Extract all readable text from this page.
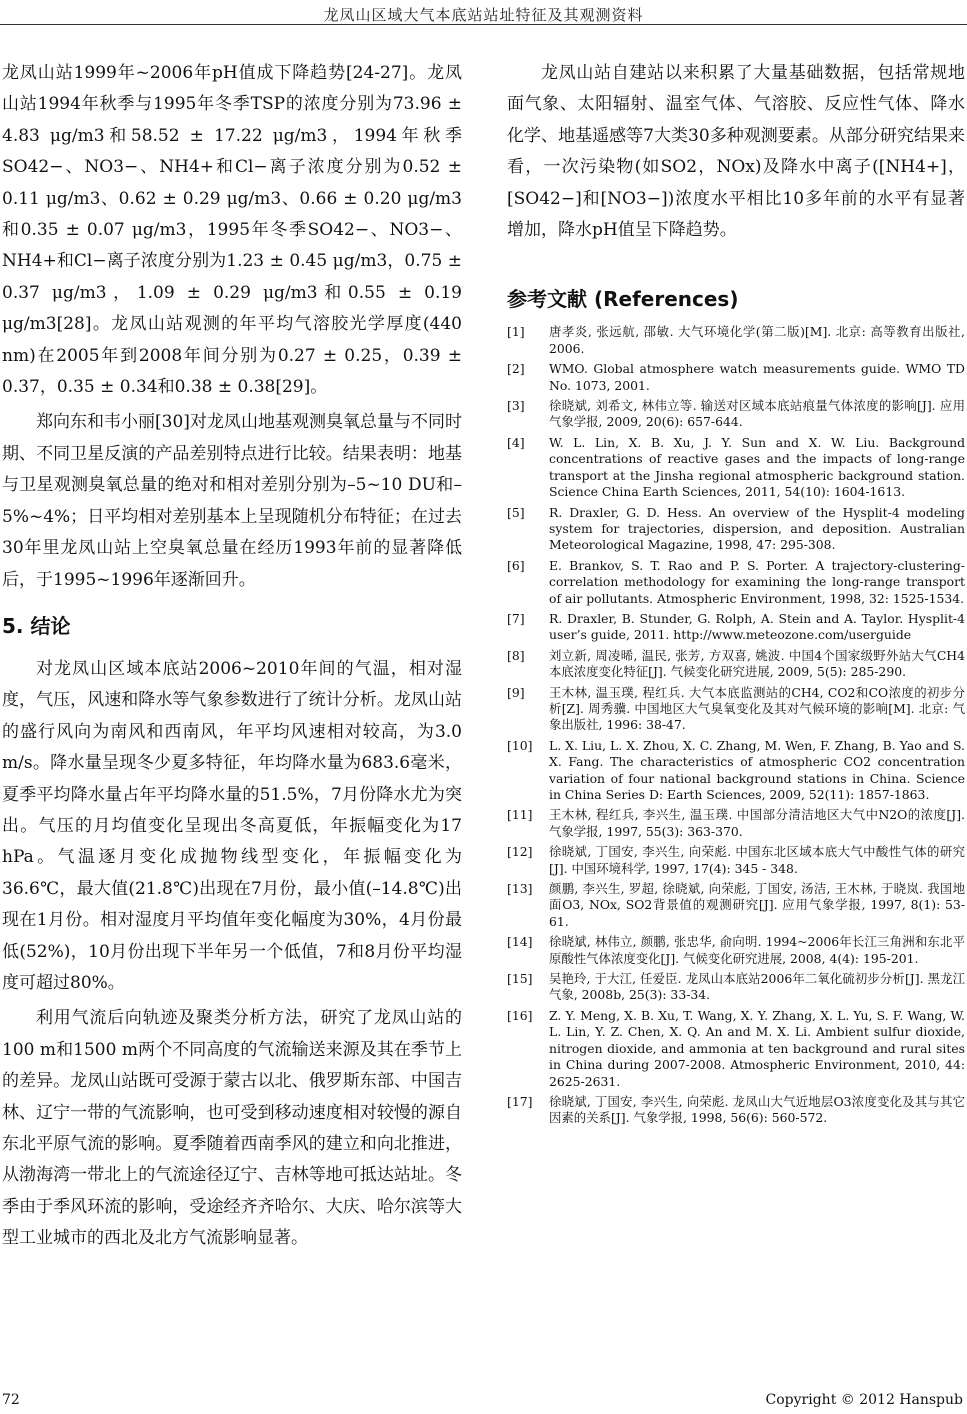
龙凤山区域大气本底站站址特征及其观测资料

龙凤山站1999年~2006年pH值成下降趋势[24-27]。龙凤山站1994年秋季与1995年冬季TSP的浓度分别为73.96 ± 4.83 μg/m3和58.52 ± 17.22 μg/m3，1994年秋季SO42−、NO3−、NH4+和Cl−离子浓度分别为0.52 ± 0.11 μg/m3、0.62 ± 0.29 μg/m3、0.66 ± 0.20 μg/m3和0.35 ± 0.07 μg/m3，1995年冬季SO42−、NO3−、NH4+和Cl−离子浓度分别为1.23 ± 0.45 μg/m3，0.75 ± 0.37 μg/m3，1.09 ± 0.29 μg/m3和0.55 ± 0.19 μg/m3[28]。龙凤山站观测的年平均气溶胶光学厚度(440 nm)在2005年到2008年间分别为0.27 ± 0.25，0.39 ± 0.37，0.35 ± 0.34和0.38 ± 0.38[29]。

郑向东和韦小丽[30]对龙凤山地基观测臭氧总量与不同时期、不同卫星反演的产品差别特点进行比较。结果表明：地基与卫星观测臭氧总量的绝对和相对差别分别为–5~10 DU和–5%~4%；日平均相对差别基本上呈现随机分布特征；在过去30年里龙凤山站上空臭氧总量在经历1993年前的显著降低后，于1995~1996年逐渐回升。

5. 结论

对龙凤山区域本底站2006~2010年间的气温，相对湿度，气压，风速和降水等气象参数进行了统计分析。龙凤山站的盛行风向为南风和西南风，年平均风速相对较高，为3.0 m/s。降水量呈现冬少夏多特征，年均降水量为683.6毫米，夏季平均降水量占年平均降水量的51.5%，7月份降水尤为突出。气压的月均值变化呈现出冬高夏低，年振幅变化为17 hPa。气温逐月变化成抛物线型变化，年振幅变化为36.6℃，最大值(21.8℃)出现在7月份，最小值(–14.8℃)出现在1月份。相对湿度月平均值年变化幅度为30%，4月份最低(52%)，10月份出现下半年另一个低值，7和8月份平均湿度可超过80%。

利用气流后向轨迹及聚类分析方法，研究了龙凤山站的100 m和1500 m两个不同高度的气流输送来源及其在季节上的差异。龙凤山站既可受源于蒙古以北、俄罗斯东部、中国吉林、辽宁一带的气流影响，也可受到移动速度相对较慢的源自东北平原气流的影响。夏季随着西南季风的建立和向北推进，从渤海湾一带北上的气流途径辽宁、吉林等地可抵达站址。冬季由于季风环流的影响，受途经齐齐哈尔、大庆、哈尔滨等大型工业城市的西北及北方气流影响显著。

龙凤山站自建站以来积累了大量基础数据，包括常规地面气象、太阳辐射、温室气体、气溶胶、反应性气体、降水化学、地基遥感等7大类30多种观测要素。从部分研究结果来看，一次污染物(如SO2，NOx)及降水中离子([NH4+]，[SO42−]和[NO3−])浓度水平相比10多年前的水平有显著增加，降水pH值呈下降趋势。

参考文献 (References)
[1]	唐孝炎, 张远航, 邵敏. 大气环境化学(第二版)[M]. 北京: 高等教育出版社, 2006.
[2]	WMO. Global atmosphere watch measurements guide. WMO TD No. 1073, 2001.
[3]	徐晓斌, 刘希文, 林伟立等. 输送对区域本底站痕量气体浓度的影响[J]. 应用气象学报, 2009, 20(6): 657-644.
[4]	W. L. Lin, X. B. Xu, J. Y. Sun and X. W. Liu. Background concentrations of reactive gases and the impacts of long-range transport at the Jinsha regional atmospheric background station. Science China Earth Sciences, 2011, 54(10): 1604-1613.
[5]	R. Draxler, G. D. Hess. An overview of the Hysplit-4 modeling system for trajectories, dispersion, and deposition. Australian Meteorological Magazine, 1998, 47: 295-308.
[6]	E. Brankov, S. T. Rao and P. S. Porter. A trajectory-clustering-correlation methodology for examining the long-range transport of air pollutants. Atmospheric Environment, 1998, 32: 1525-1534.
[7]	R. Draxler, B. Stunder, G. Rolph, A. Stein and A. Taylor. Hysplit-4 user’s guide, 2011. http://www.meteozone.com/userguide
[8]	刘立新, 周凌晞, 温民, 张芳, 方双喜, 姚波. 中国4个国家级野外站大气CH4本底浓度变化特征[J]. 气候变化研究进展, 2009, 5(5): 285-290.
[9]	王木林, 温玉璞, 程红兵. 大气本底监测站的CH4, CO2和CO浓度的初步分析[Z]. 周秀骥. 中国地区大气臭氧变化及其对气候环境的影响[M]. 北京: 气象出版社, 1996: 38-47.
[10]	L. X. Liu, L. X. Zhou, X. C. Zhang, M. Wen, F. Zhang, B. Yao and S. X. Fang. The characteristics of atmospheric CO2 concentration variation of four national background stations in China. Science in China Series D: Earth Sciences, 2009, 52(11): 1857-1863.
[11]	王木林, 程红兵, 李兴生, 温玉璞. 中国部分清洁地区大气中N2O的浓度[J]. 气象学报, 1997, 55(3): 363-370.
[12]	徐晓斌, 丁国安, 李兴生, 向荣彪. 中国东北区域本底大气中酸性气体的研究[J]. 中国环境科学, 1997, 17(4): 345 - 348.
[13]	颜鹏, 李兴生, 罗超, 徐晓斌, 向荣彪, 丁国安, 汤洁, 王木林, 于晓岚. 我国地面O3, NOx, SO2背景值的观测研究[J]. 应用气象学报, 1997, 8(1): 53-61.
[14]	徐晓斌, 林伟立, 颜鹏, 张忠华, 俞向明. 1994~2006年长江三角洲和东北平原酸性气体浓度变化[J]. 气候变化研究进展, 2008, 4(4): 195-201.
[15]	吴艳玲, 于大江, 任爱臣. 龙凤山本底站2006年二氧化硫初步分析[J]. 黑龙江气象, 2008b, 25(3): 33-34.
[16]	Z. Y. Meng, X. B. Xu, T. Wang, X. Y. Zhang, X. L. Yu, S. F. Wang, W. L. Lin, Y. Z. Chen, X. Q. An and M. X. Li. Ambient sulfur dioxide, nitrogen dioxide, and ammonia at ten background and rural sites in China during 2007-2008. Atmospheric Environment, 2010, 44: 2625-2631.
[17]	徐晓斌, 丁国安, 李兴生, 向荣彪. 龙凤山大气近地层O3浓度变化及其与其它因素的关系[J]. 气象学报, 1998, 56(6): 560-572.
72	Copyright © 2012 Hanspub
